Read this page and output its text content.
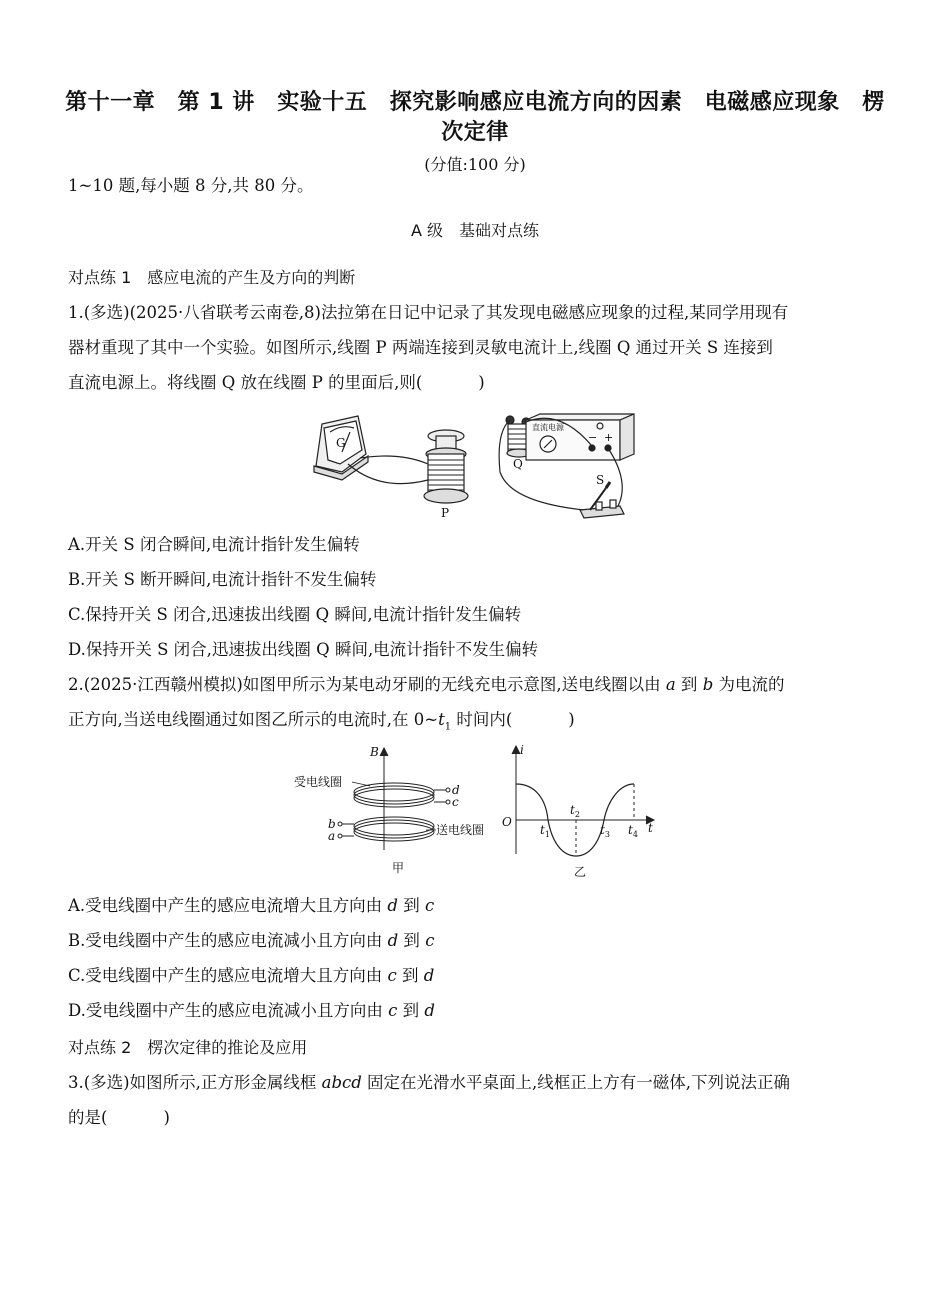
第十一章　第 1 讲　实验十五　探究影响感应电流方向的因素　电磁感应现象　楞次定律
(分值:100 分)
1~10 题,每小题 8 分,共 80 分。
A 级　基础对点练
对点练 1　感应电流的产生及方向的判断
1.(多选)(2025·八省联考云南卷,8)法拉第在日记中记录了其发现电磁感应现象的过程,某同学用现有
器材重现了其中一个实验。如图所示,线圈 P 两端连接到灵敏电流计上,线圈 Q 通过开关 S 连接到
直流电源上。将线圈 Q 放在线圈 P 的里面后,则(	)
G
P
Q
S
直流电源
− +
A.开关 S 闭合瞬间,电流计指针发生偏转
B.开关 S 断开瞬间,电流计指针不发生偏转
C.保持开关 S 闭合,迅速拔出线圈 Q 瞬间,电流计指针发生偏转
D.保持开关 S 闭合,迅速拔出线圈 Q 瞬间,电流计指针不发生偏转
2.(2025·江西赣州模拟)如图甲所示为某电动牙刷的无线充电示意图,送电线圈以由 a 到 b 为电流的
正方向,当送电线圈通过如图乙所示的电流时,在 $0\sim t_1$ 时间内(	)
受电线圈
送电线圈
甲	乙
B
d
c
b
a
i
O	t
$t_1$
$t_2$
$t_3$ $t_4$
A.受电线圈中产生的感应电流增大且方向由 d 到 c
B.受电线圈中产生的感应电流减小且方向由 d 到 c
C.受电线圈中产生的感应电流增大且方向由 c 到 d
D.受电线圈中产生的感应电流减小且方向由 c 到 d
对点练 2　楞次定律的推论及应用
3.(多选)如图所示,正方形金属线框 abcd 固定在光滑水平桌面上,线框正上方有一磁体,下列说法正确
的是(	)
